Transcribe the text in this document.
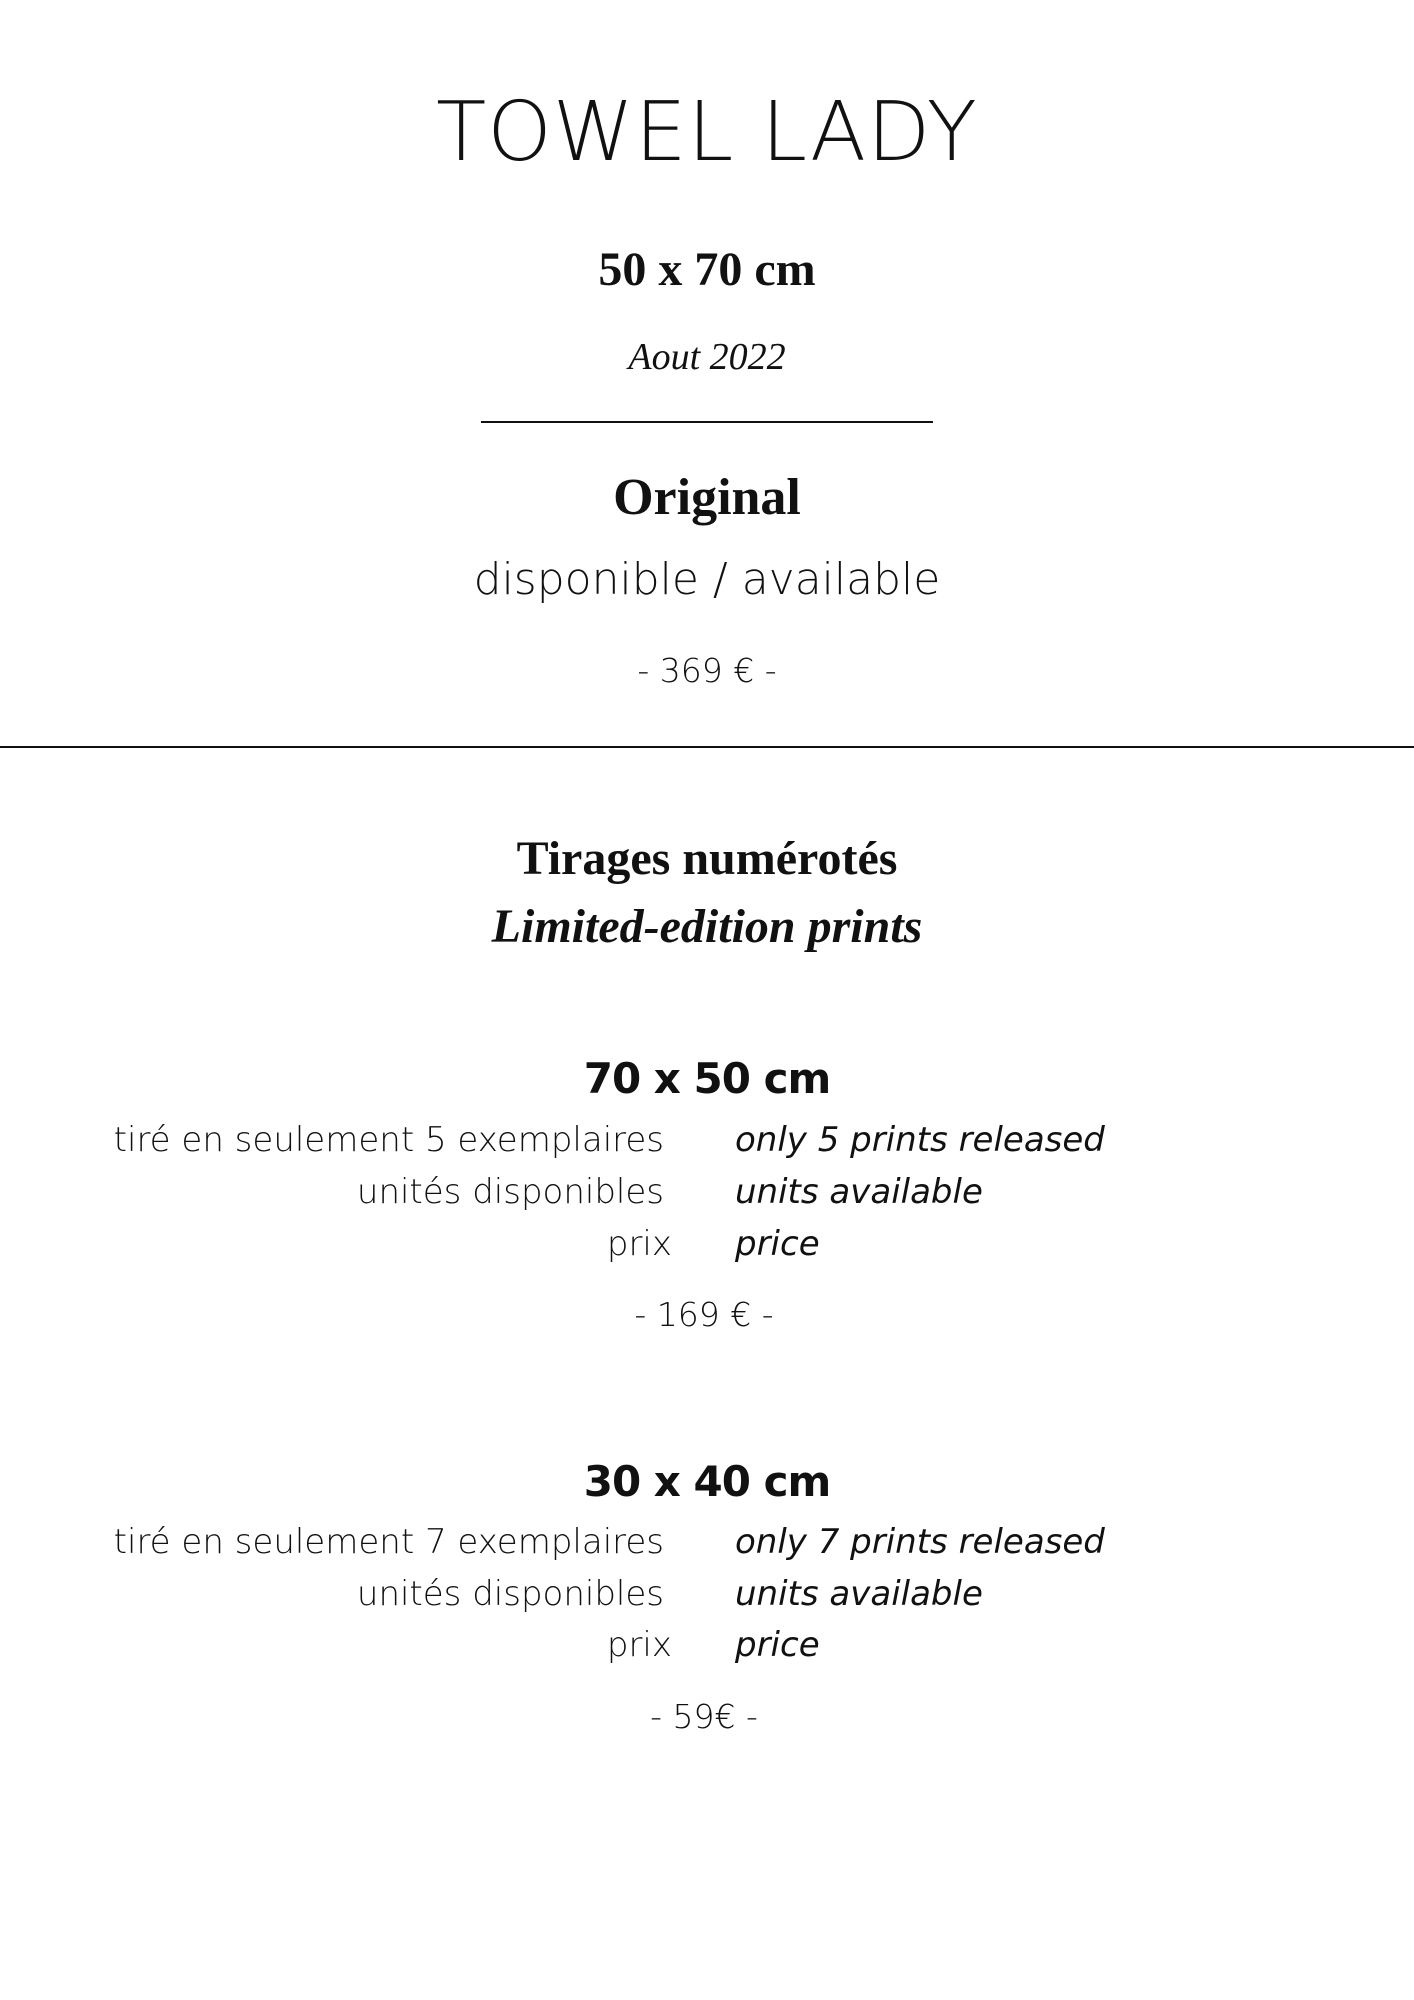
TOWEL LADY
50 x 70 cm
Aout 2022
Original
disponible / available
- 369 € -
Tirages numérotés
Limited-edition prints
70 x 50 cm
tiré en seulement 5 exemplaires only 5 prints released
unités disponibles units available
prix price
- 169 € -
30 x 40 cm
tiré en seulement 7 exemplaires only 7 prints released
unités disponibles units available
prix price
- 59€ -
